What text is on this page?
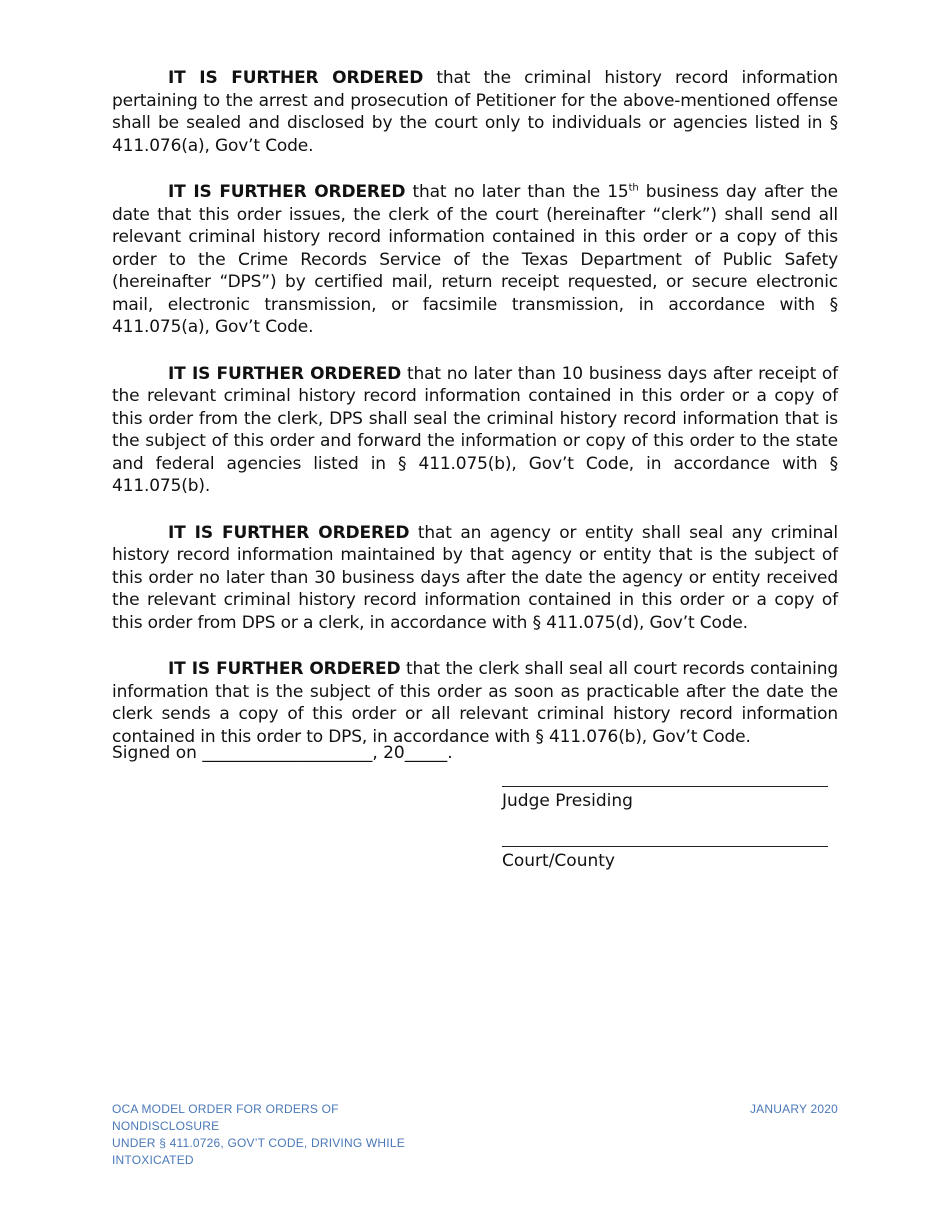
IT IS FURTHER ORDERED that the criminal history record information pertaining to the arrest and prosecution of Petitioner for the above-mentioned offense shall be sealed and disclosed by the court only to individuals or agencies listed in § 411.076(a), Gov’t Code.

IT IS FURTHER ORDERED that no later than the 15th business day after the date that this order issues, the clerk of the court (hereinafter “clerk”) shall send all relevant criminal history record information contained in this order or a copy of this order to the Crime Records Service of the Texas Department of Public Safety (hereinafter “DPS”) by certified mail, return receipt requested, or secure electronic mail, electronic transmission, or facsimile transmission, in accordance with § 411.075(a), Gov’t Code.

IT IS FURTHER ORDERED that no later than 10 business days after receipt of the relevant criminal history record information contained in this order or a copy of this order from the clerk, DPS shall seal the criminal history record information that is the subject of this order and forward the information or copy of this order to the state and federal agencies listed in § 411.075(b), Gov’t Code, in accordance with § 411.075(b).

IT IS FURTHER ORDERED that an agency or entity shall seal any criminal history record information maintained by that agency or entity that is the subject of this order no later than 30 business days after the date the agency or entity received the relevant criminal history record information contained in this order or a copy of this order from DPS or a clerk, in accordance with § 411.075(d), Gov’t Code.

IT IS FURTHER ORDERED that the clerk shall seal all court records containing information that is the subject of this order as soon as practicable after the date the clerk sends a copy of this order or all relevant criminal history record information contained in this order to DPS, in accordance with § 411.076(b), Gov’t Code.

Signed on ____________________, 20_____.
Judge Presiding
Court/County
OCA MODEL ORDER FOR ORDERS OF NONDISCLOSURE
UNDER § 411.0726, GOV’T CODE, DRIVING WHILE
INTOXICATED
JANUARY 2020
